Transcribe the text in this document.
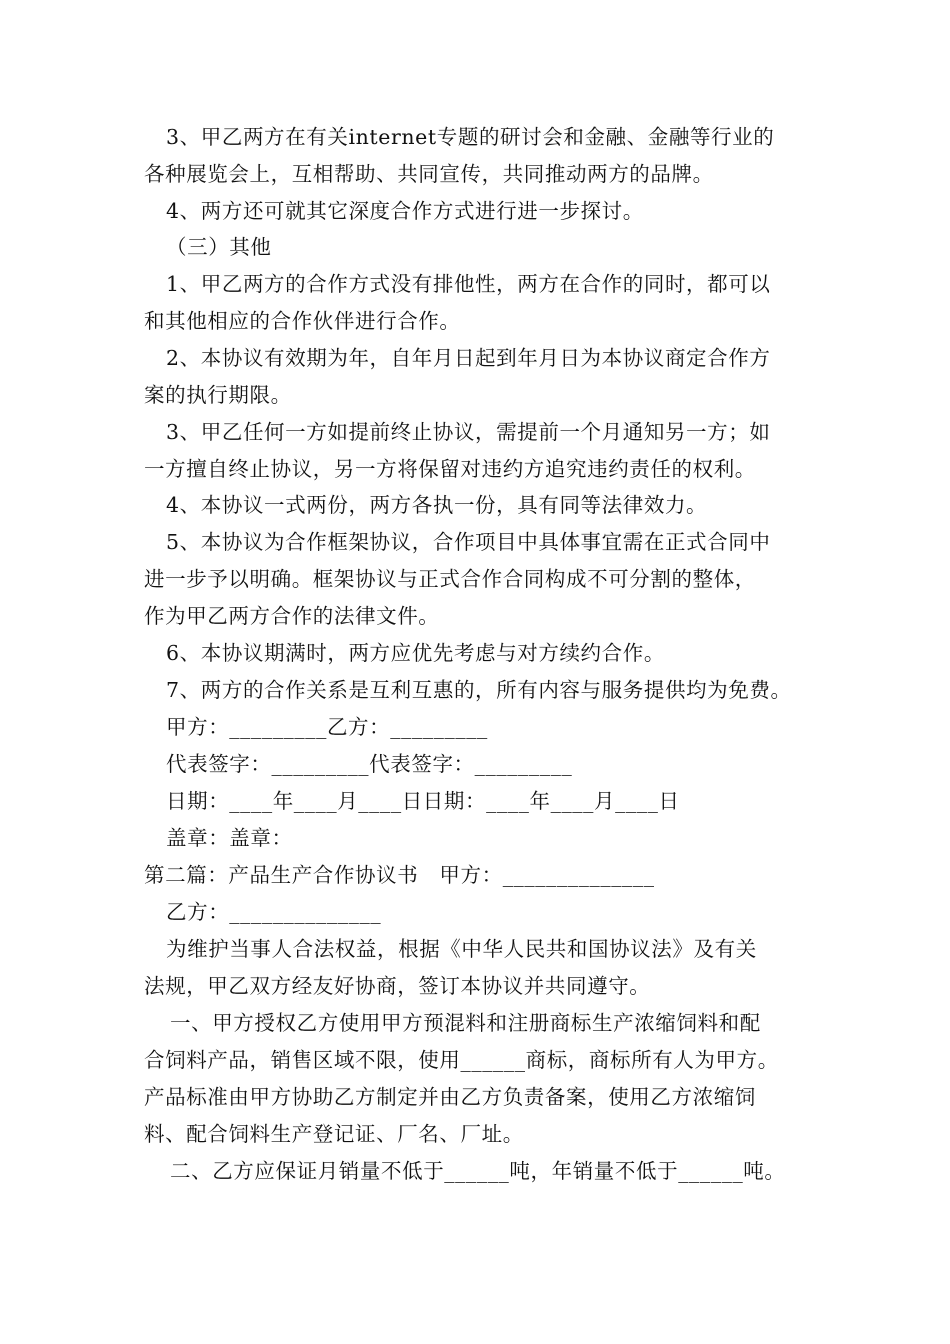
3、甲乙两方在有关internet专题的研讨会和金融、金融等行业的
各种展览会上，互相帮助、共同宣传，共同推动两方的品牌。
4、两方还可就其它深度合作方式进行进一步探讨。
（三）其他
1、甲乙两方的合作方式没有排他性，两方在合作的同时，都可以
和其他相应的合作伙伴进行合作。
2、本协议有效期为年，自年月日起到年月日为本协议商定合作方
案的执行期限。
3、甲乙任何一方如提前终止协议，需提前一个月通知另一方；如
一方擅自终止协议，另一方将保留对违约方追究违约责任的权利。
4、本协议一式两份，两方各执一份，具有同等法律效力。
5、本协议为合作框架协议，合作项目中具体事宜需在正式合同中
进一步予以明确。框架协议与正式合作合同构成不可分割的整体，
作为甲乙两方合作的法律文件。
6、本协议期满时，两方应优先考虑与对方续约合作。
7、两方的合作关系是互利互惠的，所有内容与服务提供均为免费。
甲方：_________乙方：_________
代表签字：_________代表签字：_________
日期：____年____月____日日期：____年____月____日
盖章：盖章：
第二篇：产品生产合作协议书　甲方：______________
乙方：______________
为维护当事人合法权益，根据《中华人民共和国协议法》及有关
法规，甲乙双方经友好协商，签订本协议并共同遵守。
一、甲方授权乙方使用甲方预混料和注册商标生产浓缩饲料和配
合饲料产品，销售区域不限，使用______商标，商标所有人为甲方。
产品标准由甲方协助乙方制定并由乙方负责备案，使用乙方浓缩饲
料、配合饲料生产登记证、厂名、厂址。
二、乙方应保证月销量不低于______吨，年销量不低于______吨。
